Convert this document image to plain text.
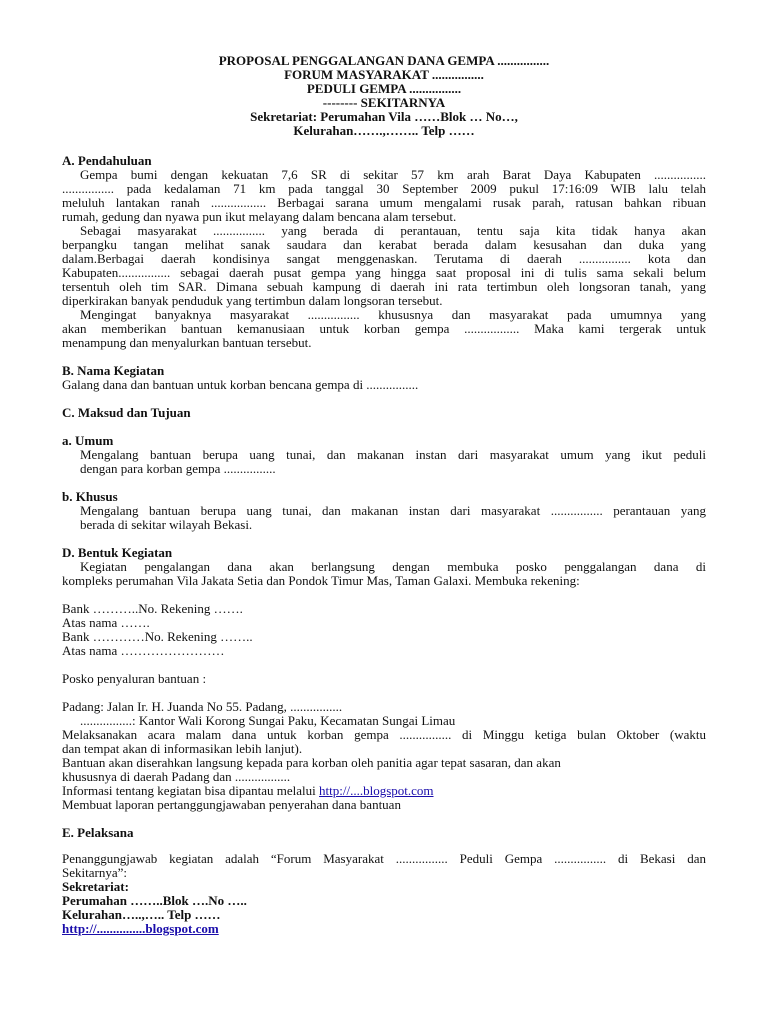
PROPOSAL PENGGALANGAN DANA GEMPA ................

FORUM MASYARAKAT ................

PEDULI GEMPA ................

-------- SEKITARNYA

Sekretariat: Perumahan Vila ……Blok … No…,

Kelurahan…….,…….. Telp ……

A. Pendahuluan

Gempa bumi dengan kekuatan 7,6 SR di sekitar 57 km arah Barat Daya Kabupaten ................

................ pada kedalaman 71 km pada tanggal 30 September 2009 pukul 17:16:09 WIB lalu telah

meluluh lantakan ranah ................. Berbagai sarana umum mengalami rusak parah, ratusan bahkan ribuan

rumah, gedung dan nyawa pun ikut melayang dalam bencana alam tersebut.

Sebagai masyarakat ................ yang berada di perantauan, tentu saja kita tidak hanya akan

berpangku tangan melihat sanak saudara dan kerabat berada dalam kesusahan dan duka yang

dalam.Berbagai daerah kondisinya sangat menggenaskan. Terutama di daerah ................ kota dan

Kabupaten................ sebagai daerah pusat gempa yang hingga saat proposal ini di tulis sama sekali belum

tersentuh oleh tim SAR. Dimana sebuah kampung di daerah ini rata tertimbun oleh longsoran tanah, yang

diperkirakan banyak penduduk yang tertimbun dalam longsoran tersebut.

Mengingat banyaknya masyarakat ................ khususnya dan masyarakat pada umumnya yang

akan memberikan bantuan kemanusiaan untuk korban gempa ................. Maka kami tergerak untuk

menampung dan menyalurkan bantuan tersebut.

B. Nama Kegiatan

Galang dana dan bantuan untuk korban bencana gempa di ................

C. Maksud dan Tujuan

a. Umum

Mengalang bantuan berupa uang tunai, dan makanan instan dari masyarakat umum yang ikut peduli

dengan para korban gempa ................

b. Khusus

Mengalang bantuan berupa uang tunai, dan makanan instan dari masyarakat ................ perantauan yang

berada di sekitar wilayah Bekasi.

D. Bentuk Kegiatan

Kegiatan pengalangan dana akan berlangsung dengan membuka posko penggalangan dana di

kompleks perumahan Vila Jakata Setia dan Pondok Timur Mas, Taman Galaxi. Membuka rekening:

Bank ………..No. Rekening …….

Atas nama …….

Bank …………No. Rekening ……..

Atas nama ……………………

Posko penyaluran bantuan :

Padang: Jalan Ir. H. Juanda No 55. Padang, ................

................: Kantor Wali Korong Sungai Paku, Kecamatan Sungai Limau

Melaksanakan acara malam dana untuk korban gempa ................ di Minggu ketiga bulan Oktober (waktu

dan tempat akan di informasikan lebih lanjut).

Bantuan akan diserahkan langsung kepada para korban oleh panitia agar tepat sasaran, dan akan

khususnya di daerah Padang dan .................

Informasi tentang kegiatan bisa dipantau melalui http://....blogspot.com

Membuat laporan pertanggungjawaban penyerahan dana bantuan

E. Pelaksana

Penanggungjawab kegiatan adalah “Forum Masyarakat ................ Peduli Gempa ................ di Bekasi dan

Sekitarnya”:

Sekretariat:

Perumahan ……..Blok ….No …..

Kelurahan…..,….. Telp ……

http://...............blogspot.com
